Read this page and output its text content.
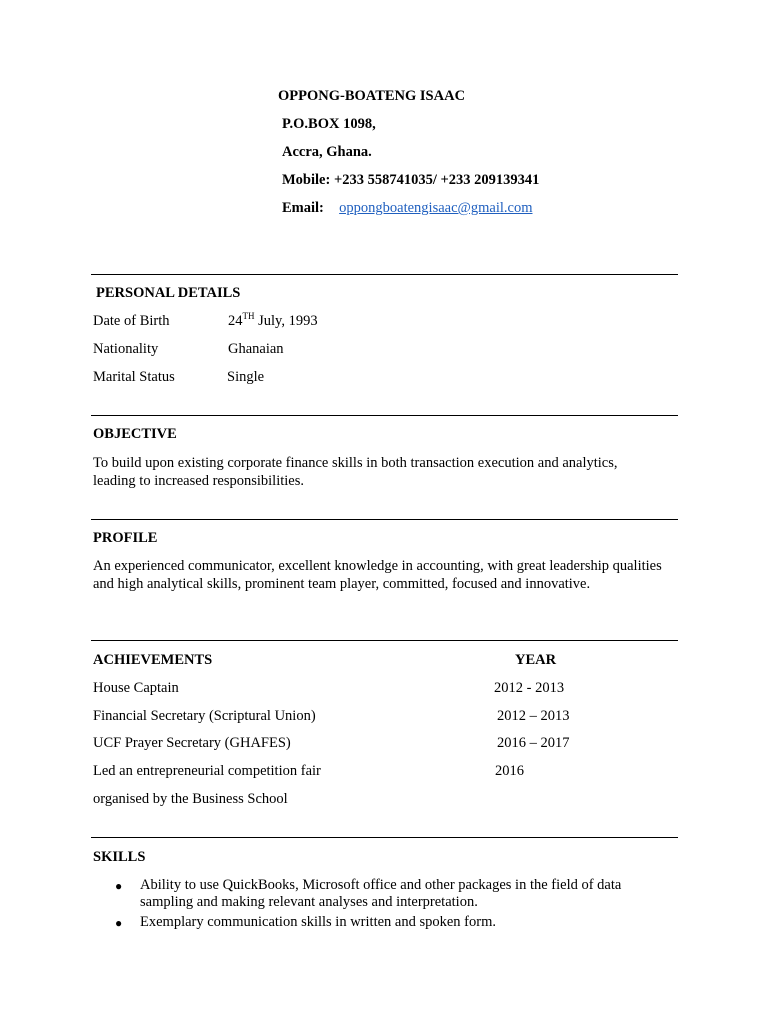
OPPONG-BOATENG ISAAC
P.O.BOX 1098,
Accra, Ghana.
Mobile: +233 558741035/ +233 209139341
Email: oppongboatengisaac@gmail.com
PERSONAL DETAILS
Date of Birth	24TH July, 1993
Nationality	Ghanaian
Marital Status	Single
OBJECTIVE
To build upon existing corporate finance skills in both transaction execution and analytics, leading to increased responsibilities.
PROFILE
An experienced communicator, excellent knowledge in accounting, with great leadership qualities and high analytical skills, prominent team player, committed, focused and innovative.
ACHIEVEMENTS	YEAR
House Captain	2012 - 2013
Financial Secretary (Scriptural Union)	2012 – 2013
UCF Prayer Secretary (GHAFES)	2016 – 2017
Led an entrepreneurial competition fair	2016
organised by the Business School
SKILLS
● Ability to use QuickBooks, Microsoft office and other packages in the field of data sampling and making relevant analyses and interpretation.
● Exemplary communication skills in written and spoken form.
